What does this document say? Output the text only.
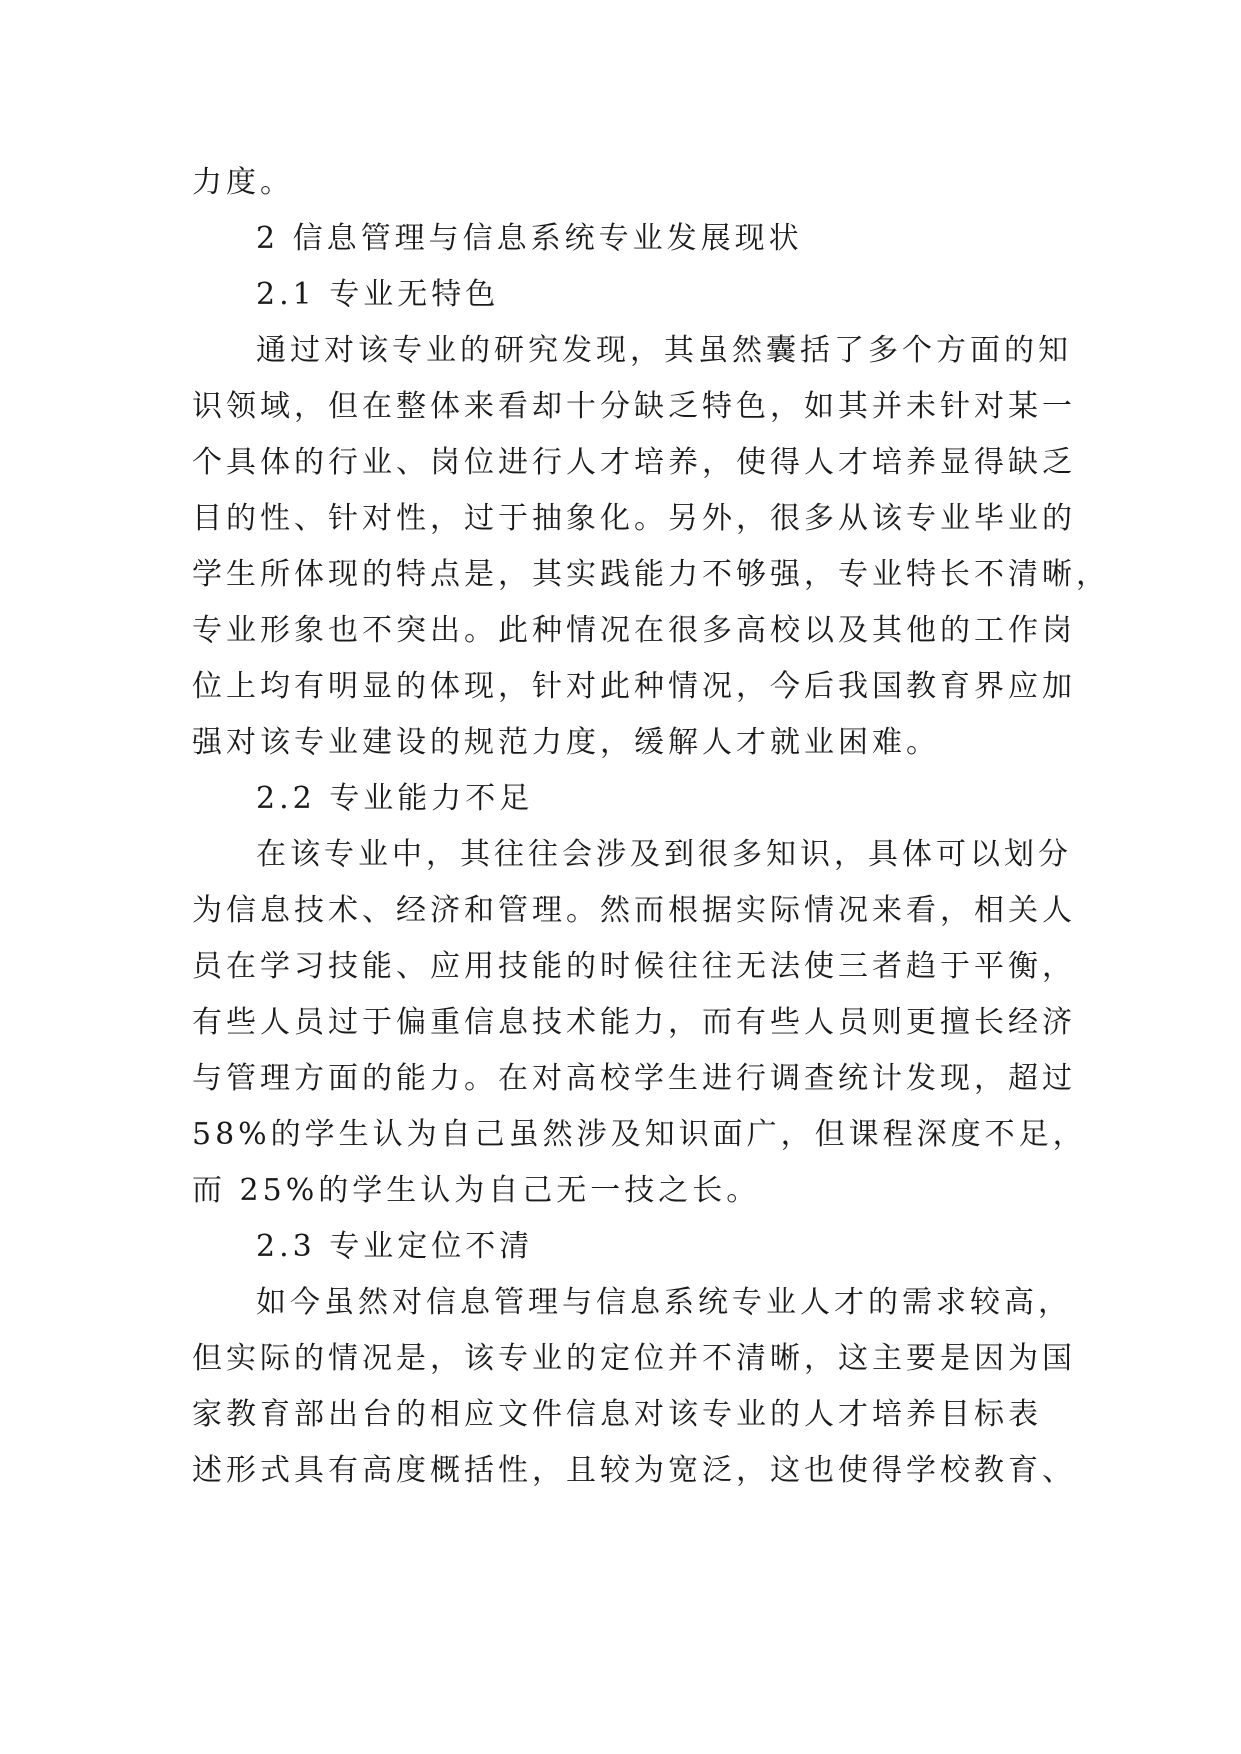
力度。
2 信息管理与信息系统专业发展现状
2.1 专业无特色
通过对该专业的研究发现，其虽然囊括了多个方面的知
识领域，但在整体来看却十分缺乏特色，如其并未针对某一
个具体的行业、岗位进行人才培养，使得人才培养显得缺乏
目的性、针对性，过于抽象化。另外，很多从该专业毕业的
学生所体现的特点是，其实践能力不够强，专业特长不清晰，
专业形象也不突出。此种情况在很多高校以及其他的工作岗
位上均有明显的体现，针对此种情况，今后我国教育界应加
强对该专业建设的规范力度，缓解人才就业困难。
2.2 专业能力不足
在该专业中，其往往会涉及到很多知识，具体可以划分
为信息技术、经济和管理。然而根据实际情况来看，相关人
员在学习技能、应用技能的时候往往无法使三者趋于平衡，
有些人员过于偏重信息技术能力，而有些人员则更擅长经济
与管理方面的能力。在对高校学生进行调查统计发现，超过
58%的学生认为自己虽然涉及知识面广，但课程深度不足，
而 25%的学生认为自己无一技之长。
2.3 专业定位不清
如今虽然对信息管理与信息系统专业人才的需求较高，
但实际的情况是，该专业的定位并不清晰，这主要是因为国
家教育部出台的相应文件信息对该专业的人才培养目标表
述形式具有高度概括性，且较为宽泛，这也使得学校教育、
